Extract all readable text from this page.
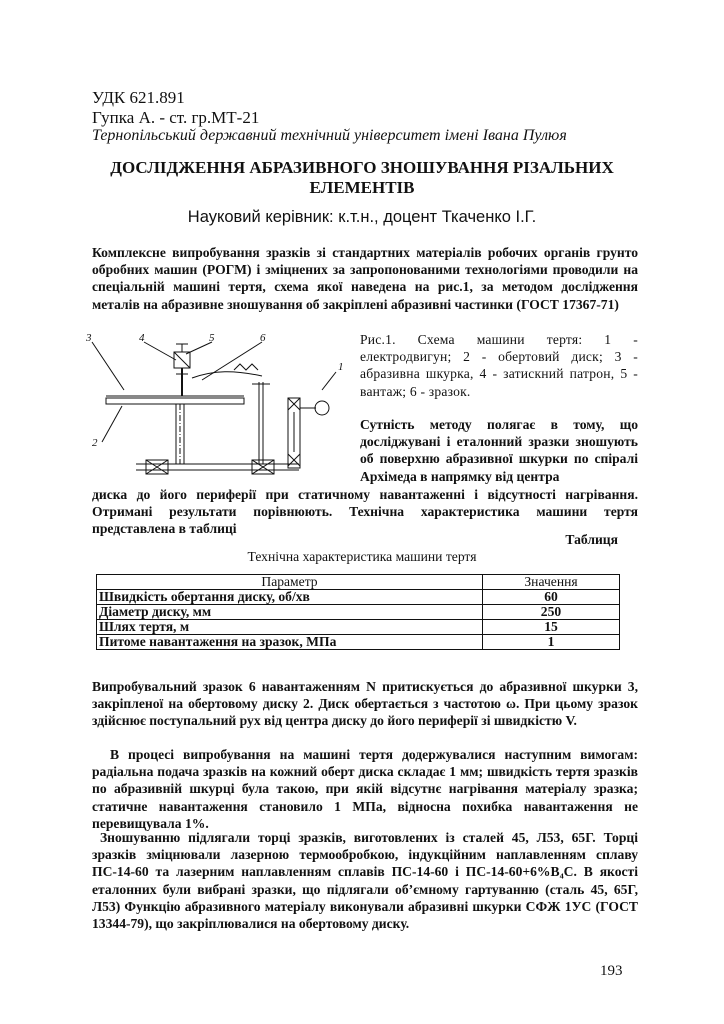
УДК 621.891
Гупка А. - ст. гр.МТ-21
Тернопільський державний технічний університет імені Івана Пулюя
ДОСЛІДЖЕННЯ АБРАЗИВНОГО ЗНОШУВАННЯ РІЗАЛЬНИХ ЕЛЕМЕНТІВ
Науковий керівник: к.т.н., доцент Ткаченко І.Г.
Комплексне випробування зразків зі стандартних матеріалів робочих органів грунто обробних машин (РОГМ) і зміцнених за запропонованими технологіями проводили на спеціальній машині тертя, схема якої наведена на рис.1, за методом дослідження металів на абразивне зношування об закріплені абразивні частинки (ГОСТ 17367-71)
3	4	5	6
1
2
Рис.1. Схема машини тертя: 1 - електродвигун; 2 - обертовий диск; 3 - абразивна шкурка, 4 - затискний патрон, 5 - вантаж; 6 - зразок.
Сутність методу полягає в тому, що досліджувані і еталонний зразки зношують об поверхню абразивної шкурки по спіралі Архімеда в напрямку від центра
диска до його периферії при статичному навантаженні і відсутності нагрівання. Отримані результати порівнюють. Технічна характеристика машини тертя представлена в таблиці
Таблиця
Технічна характеристика машини тертя
Параметр	Значення
Швидкість обертання диску, об/хв	60
Діаметр диску, мм	250
Шлях тертя, м	15
Питоме навантаження на зразок, МПа	1
Випробувальний зразок 6 навантаженням N притискується до абразивної шкурки 3, закріпленої на обертовому диску 2. Диск обертається з частотою ω. При цьому зразок здійснює поступальний рух від центра диску до його периферії зі швидкістю V.
В процесі випробування на машині тертя додержувалися наступним вимогам: радіальна подача зразків на кожний оберт диска складає 1 мм; швидкість тертя зразків по абразивній шкурці була такою, при якій відсутнє нагрівання матеріалу зразка; статичне навантаження становило 1 МПа, відносна похибка навантаження не перевищувала 1%.
Зношуванню підлягали торці зразків, виготовлених із сталей 45, Л53, 65Г. Торці зразків зміцнювали лазерною термообробкою, індукційним наплавленням сплаву ПС-14-60 та лазерним наплавленням сплавів ПС-14-60 і ПС-14-60+6%B₄C. В якості еталонних були вибрані зразки, що підлягали об’ємному гартуванню (сталь 45, 65Г, Л53) Функцію абразивного матеріалу виконували абразивні шкурки СФЖ 1УС (ГОСТ 13344-79), що закріплювалися на обертовому диску.
193
